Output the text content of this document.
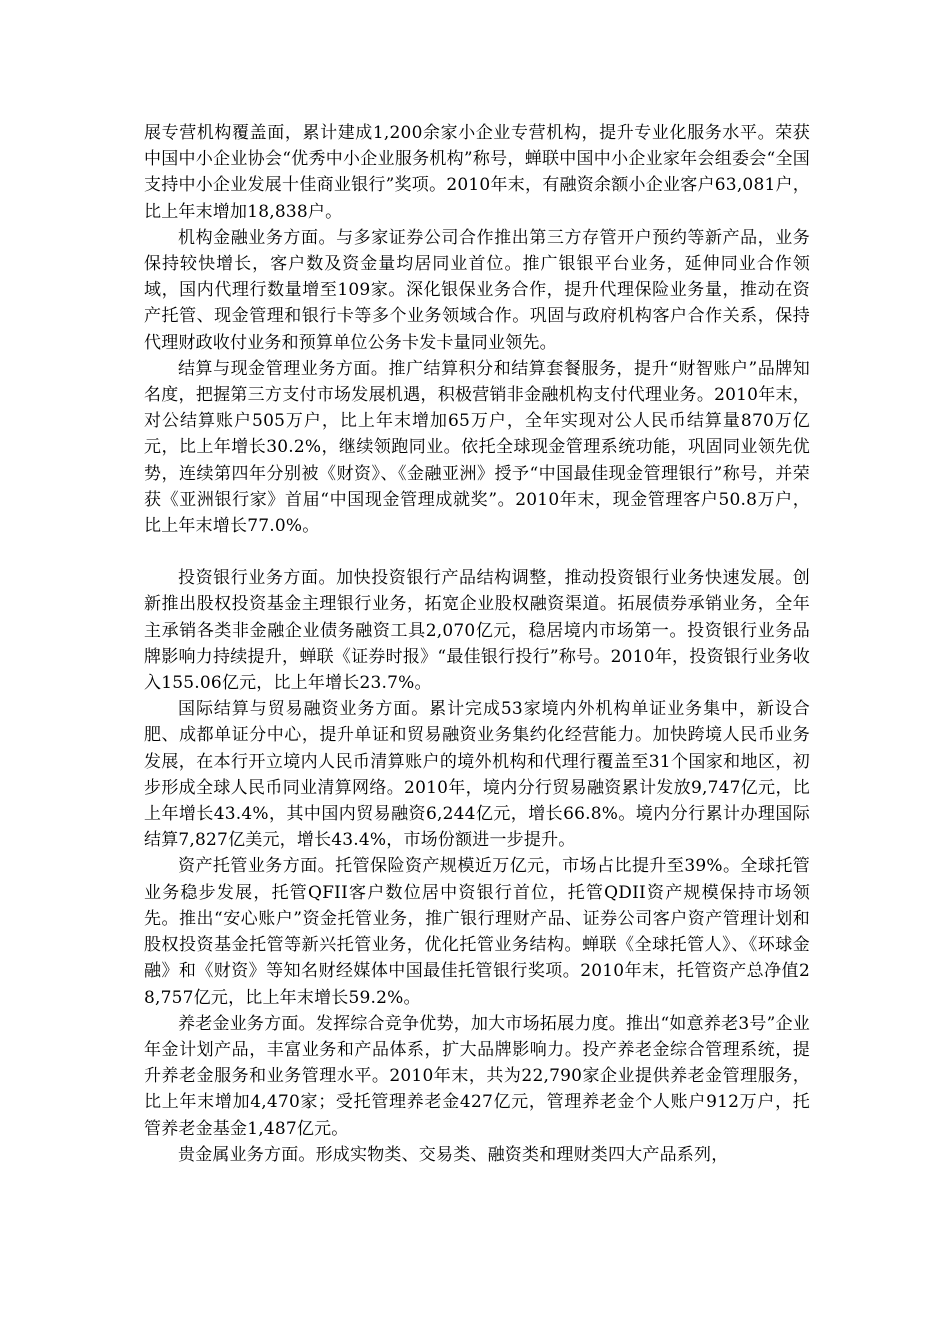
展专营机构覆盖面，累计建成1,200余家小企业专营机构，提升专业化服务水平。荣获中国中小企业协会“优秀中小企业服务机构”称号，蝉联中国中小企业家年会组委会“全国支持中小企业发展十佳商业银行”奖项。2010年末，有融资余额小企业客户63,081户，比上年末增加18,838户。

机构金融业务方面。与多家证券公司合作推出第三方存管开户预约等新产品，业务保持较快增长，客户数及资金量均居同业首位。推广银银平台业务，延伸同业合作领域，国内代理行数量增至109家。深化银保业务合作，提升代理保险业务量，推动在资产托管、现金管理和银行卡等多个业务领域合作。巩固与政府机构客户合作关系，保持代理财政收付业务和预算单位公务卡发卡量同业领先。

结算与现金管理业务方面。推广结算积分和结算套餐服务，提升“财智账户”品牌知名度，把握第三方支付市场发展机遇，积极营销非金融机构支付代理业务。2010年末，对公结算账户505万户，比上年末增加65万户，全年实现对公人民币结算量870万亿元，比上年增长30.2%，继续领跑同业。依托全球现金管理系统功能，巩固同业领先优势，连续第四年分别被《财资》、《金融亚洲》授予“中国最佳现金管理银行”称号，并荣获《亚洲银行家》首届“中国现金管理成就奖”。2010年末，现金管理客户50.8万户，比上年末增长77.0%。

投资银行业务方面。加快投资银行产品结构调整，推动投资银行业务快速发展。创新推出股权投资基金主理银行业务，拓宽企业股权融资渠道。拓展债券承销业务，全年主承销各类非金融企业债务融资工具2,070亿元，稳居境内市场第一。投资银行业务品牌影响力持续提升，蝉联《证券时报》“最佳银行投行”称号。2010年，投资银行业务收入155.06亿元，比上年增长23.7%。

国际结算与贸易融资业务方面。累计完成53家境内外机构单证业务集中，新设合肥、成都单证分中心，提升单证和贸易融资业务集约化经营能力。加快跨境人民币业务发展，在本行开立境内人民币清算账户的境外机构和代理行覆盖至31个国家和地区，初步形成全球人民币同业清算网络。2010年，境内分行贸易融资累计发放9,747亿元，比上年增长43.4%，其中国内贸易融资6,244亿元，增长66.8%。境内分行累计办理国际结算7,827亿美元，增长43.4%，市场份额进一步提升。

资产托管业务方面。托管保险资产规模近万亿元，市场占比提升至39%。全球托管业务稳步发展，托管QFII客户数位居中资银行首位，托管QDII资产规模保持市场领先。推出“安心账户”资金托管业务，推广银行理财产品、证券公司客户资产管理计划和股权投资基金托管等新兴托管业务，优化托管业务结构。蝉联《全球托管人》、《环球金融》和《财资》等知名财经媒体中国最佳托管银行奖项。2010年末，托管资产总净值28,757亿元，比上年末增长59.2%。

养老金业务方面。发挥综合竞争优势，加大市场拓展力度。推出“如意养老3号”企业年金计划产品，丰富业务和产品体系，扩大品牌影响力。投产养老金综合管理系统，提升养老金服务和业务管理水平。2010年末，共为22,790家企业提供养老金管理服务，比上年末增加4,470家；受托管理养老金427亿元，管理养老金个人账户912万户，托管养老金基金1,487亿元。

贵金属业务方面。形成实物类、交易类、融资类和理财类四大产品系列，
